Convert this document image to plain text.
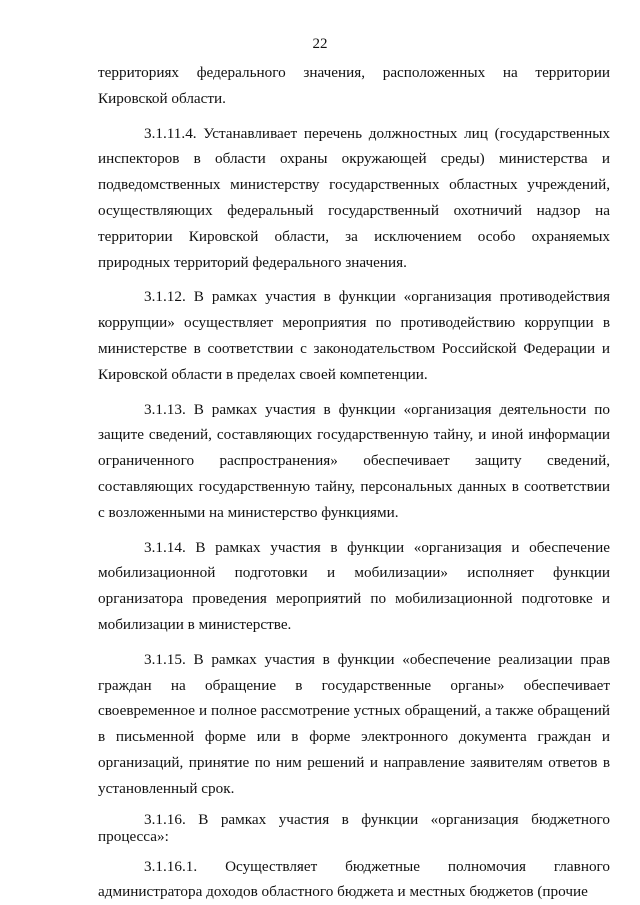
22

территориях федерального значения, расположенных на территории Кировской области.

3.1.11.4. Устанавливает перечень должностных лиц (государственных инспекторов в области охраны окружающей среды) министерства и подведомственных министерству государственных областных учреждений, осуществляющих федеральный государственный охотничий надзор на территории Кировской области, за исключением особо охраняемых природных территорий федерального значения.

3.1.12. В рамках участия в функции «организация противодействия коррупции» осуществляет мероприятия по противодействию коррупции в министерстве в соответствии с законодательством Российской Федерации и Кировской области в пределах своей компетенции.

3.1.13. В рамках участия в функции «организация деятельности по защите сведений, составляющих государственную тайну, и иной информации ограниченного распространения» обеспечивает защиту сведений, составляющих государственную тайну, персональных данных в соответствии с возложенными на министерство функциями.

3.1.14. В рамках участия в функции «организация и обеспечение мобилизационной подготовки и мобилизации» исполняет функции организатора проведения мероприятий по мобилизационной подготовке и мобилизации в министерстве.

3.1.15. В рамках участия в функции «обеспечение реализации прав граждан на обращение в государственные органы» обеспечивает своевременное и полное рассмотрение устных обращений, а также обращений в письменной форме или в форме электронного документа граждан и организаций, принятие по ним решений и направление заявителям ответов в установленный срок.

3.1.16. В рамках участия в функции «организация бюджетного процесса»:

3.1.16.1. Осуществляет бюджетные полномочия главного администратора доходов областного бюджета и местных бюджетов (прочие
